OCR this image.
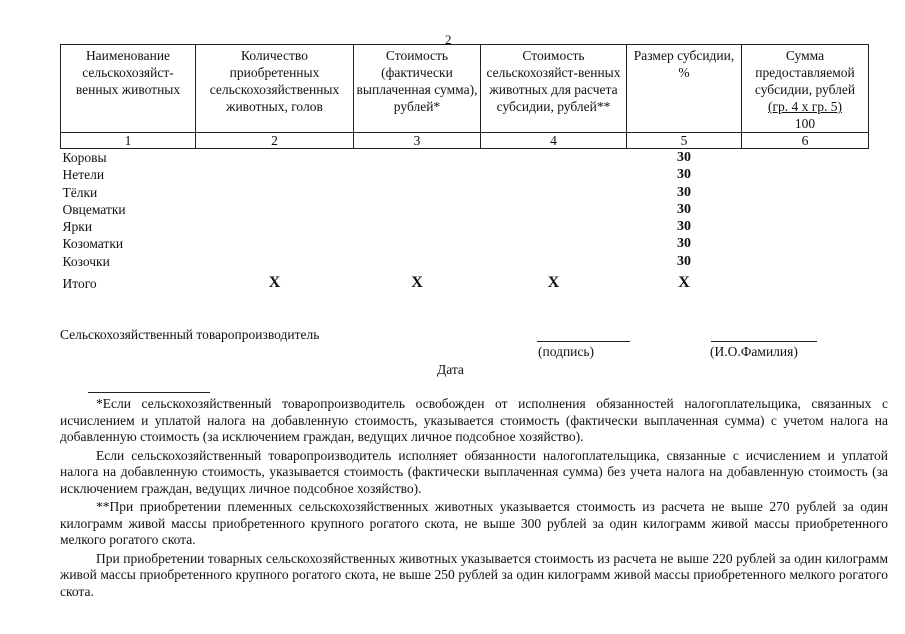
2
Наименование сельскохозяйст-венных животных	Количество приобретенных сельскохозяйственных животных, голов	Стоимость (фактически выплаченная сумма), рублей*	Стоимость сельскохозяйст-венных животных для расчета субсидии, рублей**	Размер субсидии, %	Сумма предоставляемой субсидии, рублей
(гр. 4 х гр. 5)
100
1	2	3	4	5	6
Коровы				30	
Нетели				30	
Тёлки				30	
Овцематки				30	
Ярки				30	
Козоматки				30	
Козочки				30	
Итого	Х	Х	Х	Х	
Сельскохозяйственный товаропроизводитель
(подпись)	(И.О.Фамилия)
Дата

*Если сельскохозяйственный товаропроизводитель освобожден от исполнения обязанностей налогоплательщика, связанных с исчислением и уплатой налога на добавленную стоимость, указывается стоимость (фактически выплаченная сумма) с учетом налога на добавленную стоимость (за исключением граждан, ведущих личное подсобное хозяйство).

Если сельскохозяйственный товаропроизводитель исполняет обязанности налогоплательщика, связанные с исчислением и уплатой налога на добавленную стоимость, указывается стоимость (фактически выплаченная сумма) без учета налога на добавленную стоимость (за исключением граждан, ведущих личное подсобное хозяйство).

**При приобретении племенных сельскохозяйственных животных указывается стоимость из расчета не выше 270 рублей за один килограмм живой массы приобретенного крупного рогатого скота, не выше 300 рублей за один килограмм живой массы приобретенного мелкого рогатого скота.

При приобретении товарных сельскохозяйственных животных указывается стоимость из расчета не выше 220 рублей за один килограмм живой массы приобретенного крупного рогатого скота, не выше 250 рублей за один килограмм живой массы приобретенного мелкого рогатого скота.
